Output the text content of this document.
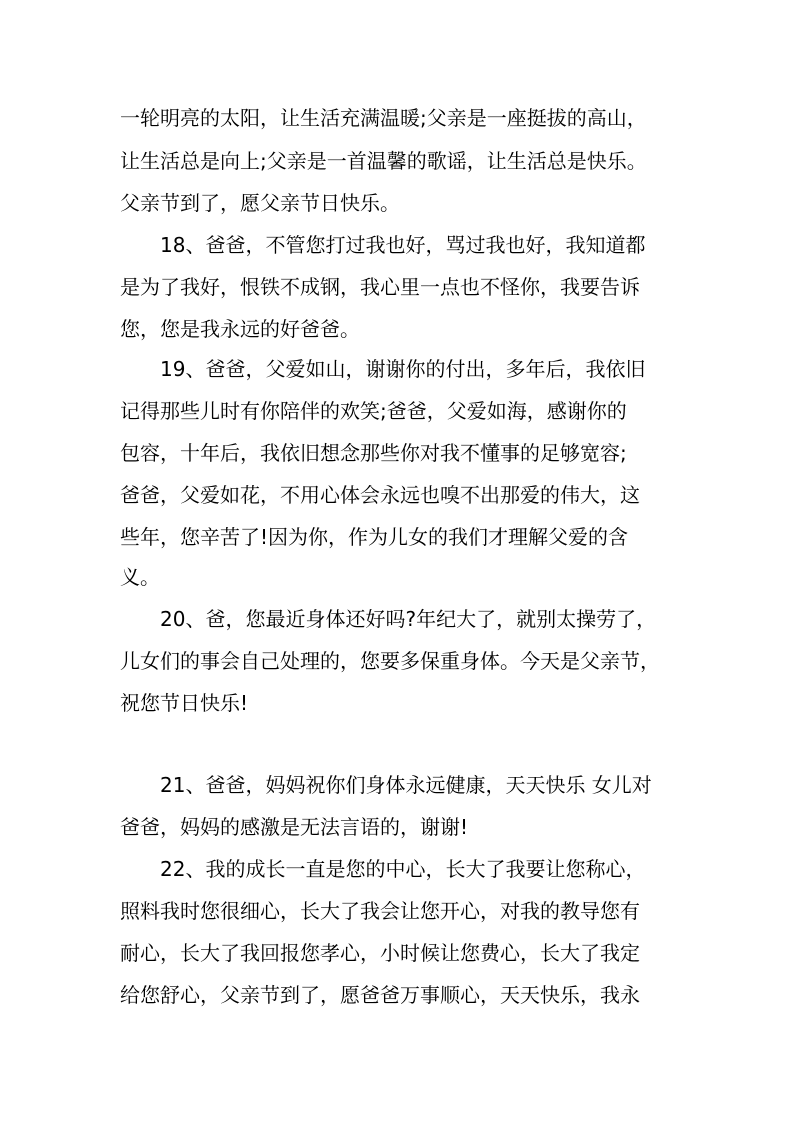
一轮明亮的太阳，让生活充满温暖;父亲是一座挺拔的高山，
让生活总是向上;父亲是一首温馨的歌谣，让生活总是快乐。
父亲节到了，愿父亲节日快乐。
18、爸爸，不管您打过我也好，骂过我也好，我知道都
是为了我好，恨铁不成钢，我心里一点也不怪你，我要告诉
您，您是我永远的好爸爸。
19、爸爸，父爱如山，谢谢你的付出，多年后，我依旧
记得那些儿时有你陪伴的欢笑;爸爸，父爱如海，感谢你的
包容，十年后，我依旧想念那些你对我不懂事的足够宽容;
爸爸，父爱如花，不用心体会永远也嗅不出那爱的伟大，这
些年，您辛苦了!因为你，作为儿女的我们才理解父爱的含
义。
20、爸，您最近身体还好吗?年纪大了，就别太操劳了，
儿女们的事会自己处理的，您要多保重身体。今天是父亲节，
祝您节日快乐!
21、爸爸，妈妈祝你们身体永远健康，天天快乐 女儿对
爸爸，妈妈的感激是无法言语的，谢谢!
22、我的成长一直是您的中心，长大了我要让您称心，
照料我时您很细心，长大了我会让您开心，对我的教导您有
耐心，长大了我回报您孝心，小时候让您费心，长大了我定
给您舒心，父亲节到了，愿爸爸万事顺心，天天快乐，我永
